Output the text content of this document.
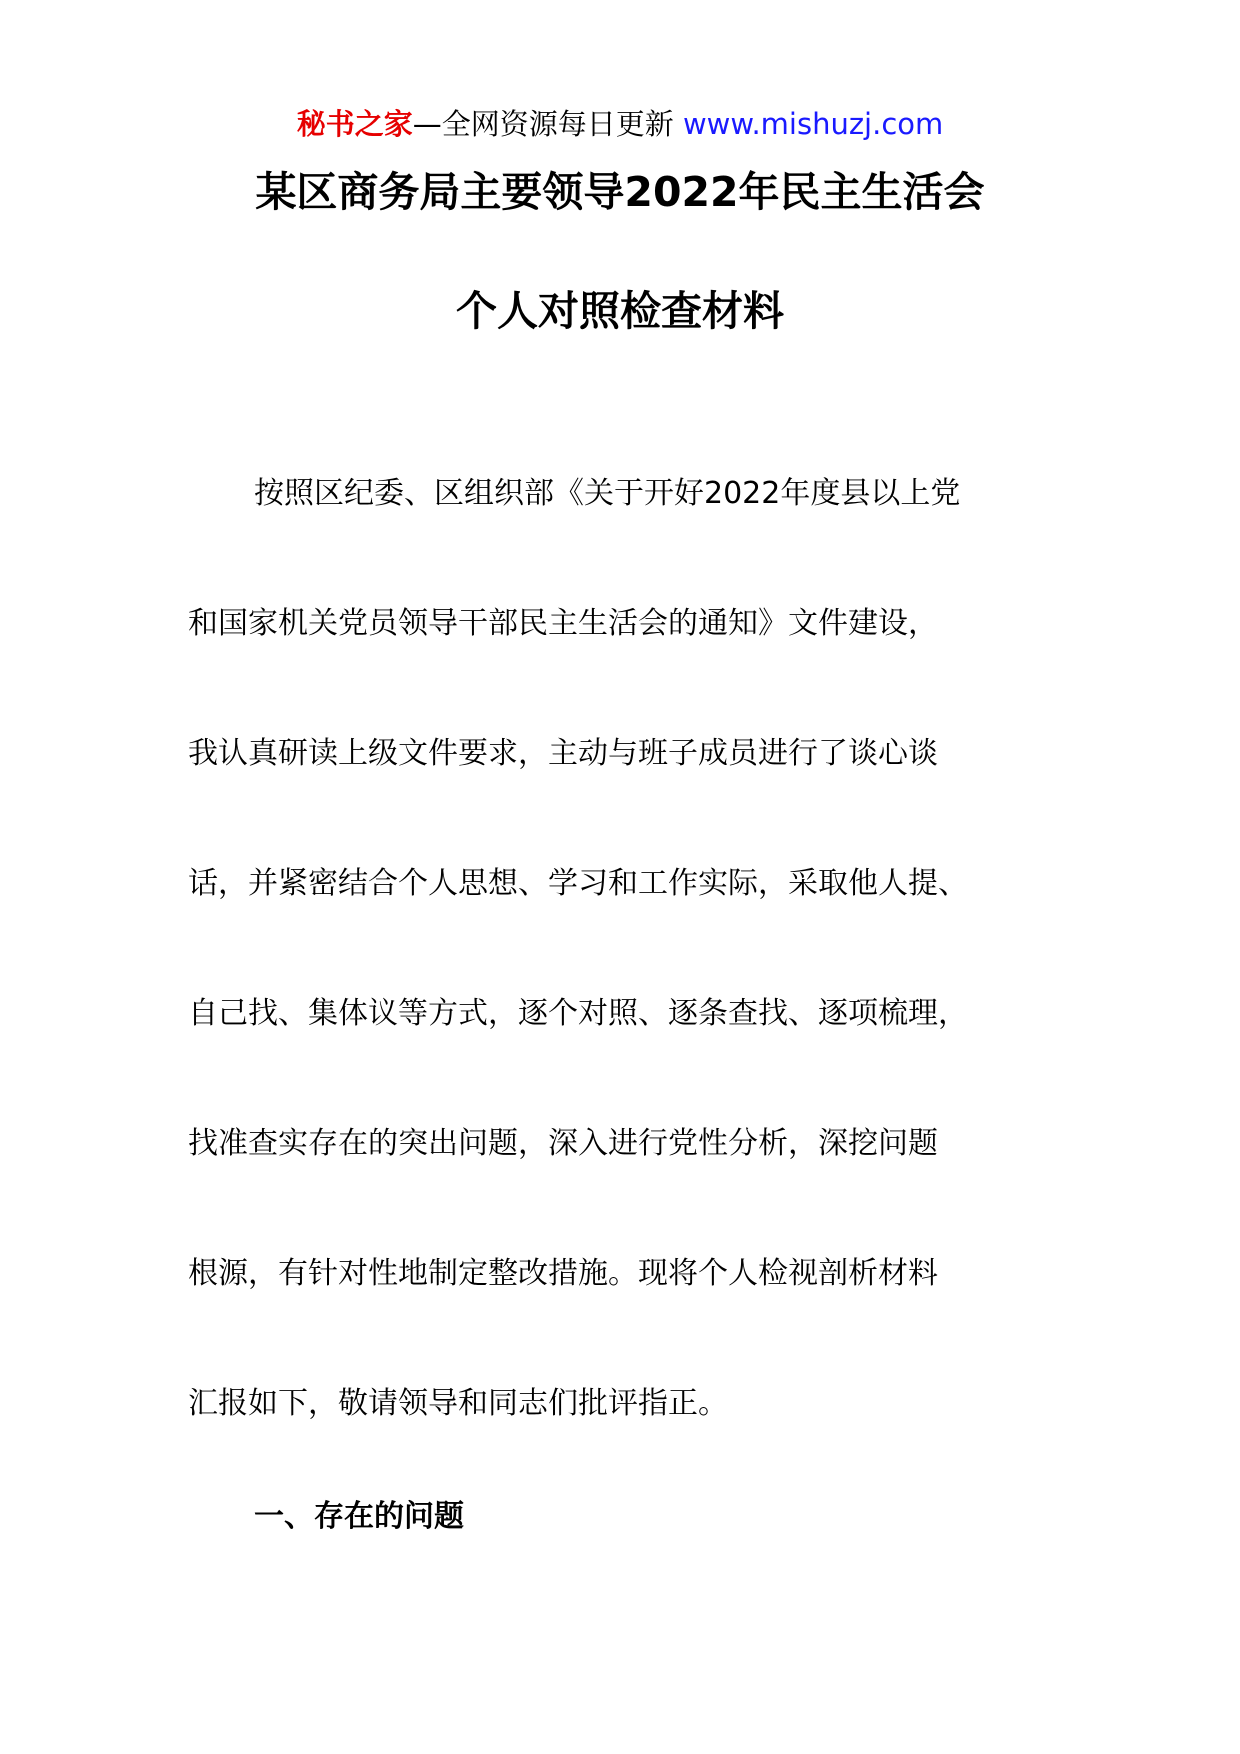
秘书之家—全网资源每日更新 www.mishuzj.com
某区商务局主要领导2022年民主生活会
个人对照检查材料
按照区纪委、区组织部《关于开好2022年度县以上党
和国家机关党员领导干部民主生活会的通知》文件建设，
我认真研读上级文件要求，主动与班子成员进行了谈心谈
话，并紧密结合个人思想、学习和工作实际，采取他人提、
自己找、集体议等方式，逐个对照、逐条查找、逐项梳理，
找准查实存在的突出问题，深入进行党性分析，深挖问题
根源，有针对性地制定整改措施。现将个人检视剖析材料
汇报如下，敬请领导和同志们批评指正。
一、存在的问题
